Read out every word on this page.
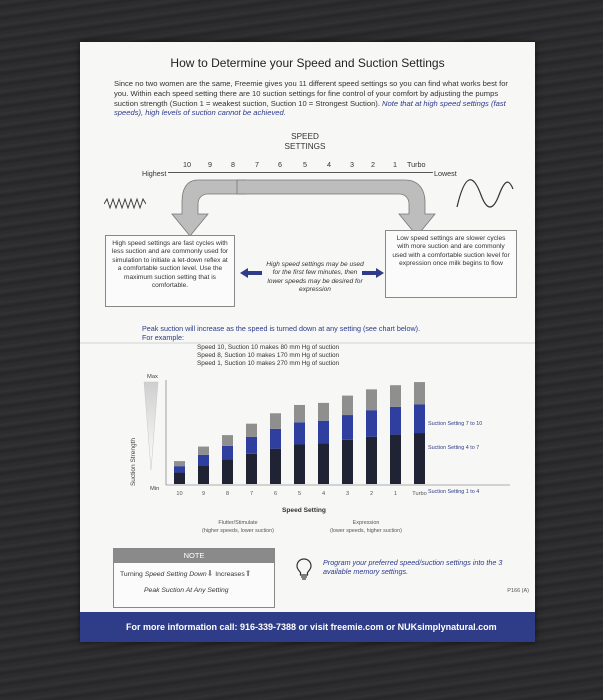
How to Determine your Speed and Suction Settings
Since no two women are the same, Freemie gives you 11 different speed settings so you can find what works best for you. Within each speed setting there are 10 suction settings for fine control of your comfort by adjusting the pumps suction strength (Suction 1 = weakest suction, Suction 10 = Strongest Suction). Note that at high speed settings (fast speeds), high levels of suction cannot be achieved.
SPEED
SETTINGS
Highest	Lowest
10 9	8	7	6	5	4	3 2	1 Turbo
High speed settings are fast cycles with less suction and are commonly used for simulation to initiate a let-down reflex at a comfortable suction level. Use the maximum suction setting that is comfortable.
High speed settings may be used for the first few minutes, then lower speeds may be desired for expression
Low speed settings are slower cycles with more suction and are commonly used with a comfortable suction level for expression once milk begins to flow
Peak suction will increase as the speed is turned down at any setting (see chart below).
For example:
Speed 10, Suction 10 makes 80 mm Hg of suction
Speed 8, Suction 10 makes 170 mm Hg of suction
Speed 1, Suction 10 makes 270 mm Hg of suction
Suction Strength
Max
Min
10	9	8	7	6	5	4	3	2	1	Turbo
Suction Setting 7 to 10
Suction Setting 4 to 7
Suction Setting 1 to 4
Speed Setting
Flutter/Stimulate
(higher speeds, lower suction)
Expression
(lower speeds, higher suction)
NOTE
Turning Speed Setting Down⬇ Increases⬆
Peak Suction At Any Setting
Program your preferred speed/suction settings into the 3 available memory settings.
P166 (A)
For more information call: 916-339-7388 or visit freemie.com or NUKsimplynatural.com
